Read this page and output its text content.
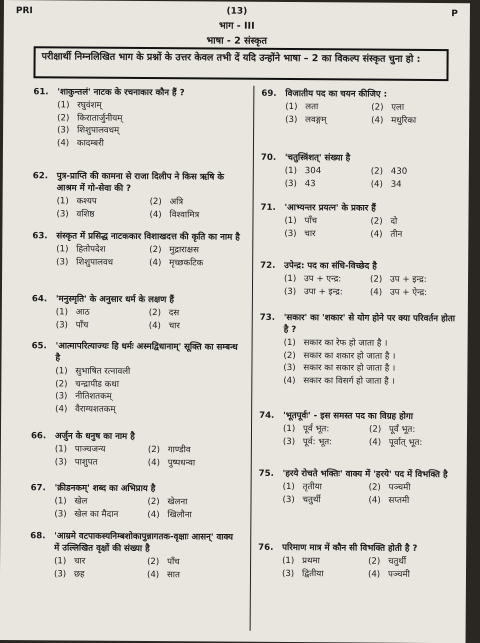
PRI	(13)	P
भाग - III
भाषा - 2 संस्कृत
परीक्षार्थी निम्नलिखित भाग के प्रश्नों के उत्तर केवल तभी दें यदि उन्होंने भाषा – 2 का विकल्प संस्कृत चुना हो :
61.	'शाकुन्तलं' नाटक के रचनाकार कौन हैं ?
(1) रघुवंशम्
(2) किरातार्जुनीयम्
(3) शिशुपालवधम्
(4) कादम्बरी
62.	पुत्र-प्राप्ति की कामना से राजा दिलीप ने किस ऋषि के आश्रम में गो-सेवा की ?
(1) कश्यप	(2) अत्रि
(3) वशिष्ठ	(4) विश्वामित्र
63.	संस्कृत में प्रसिद्ध नाटककार विशाखदत्त की कृति का नाम है
(1) हितोपदेश	(2) मुद्राराक्षस
(3) शिशुपालवध	(4) मृच्छकटिक
64.	'मनुस्मृति' के अनुसार धर्म के लक्षण हैं
(1) आठ	(2) दस
(3) पाँच	(4) चार
65.	'आत्मापरित्याज्यः हि धर्मः अस्मद्विधानाम्' सूक्ति का सम्बन्ध है
(1) सुभाषित रत्नावली
(2) चन्द्रापीड कथा
(3) नीतिशतकम्
(4) वैराग्यशतकम्
66.	अर्जुन के धनुष का नाम है
(1) पाञ्चजन्य	(2) गाण्डीव
(3) पाशुपत	(4) पुष्पधन्वा
67.	'क्रीडनकम्' शब्द का अभिप्राय है
(1) खेल	(2) खेलना
(3) खेल का मैदान	(4) खिलौना
68.	'आम्रमे वटपाकस्यनिम्बशोकापुन्नागतक-वृक्षाः आसन्' वाक्य में उल्लिखित वृक्षों की संख्या है
(1) चार	(2) पाँच
(3) छह	(4) सात
69.	विजातीय पद का चयन कीजिए :
(1) लता	(2) एला
(3) लवङ्गम्	(4) मधुरिका
70.	'चतुस्त्रिंशत्' संख्या है
(1) 304	(2) 430
(3) 43	(4) 34
71.	'आभ्यन्तर प्रयत्न' के प्रकार हैं
(1) पाँच	(2) दो
(3) चार	(4) तीन
72.	उपेन्द्र: पद का संधि-विच्छेद है
(1) उप + एन्द्र:	(2) उप + इन्द्र:
(3) उपा + इन्द्र:	(4) उप + ऐन्द्र:
73.	'सकार' का 'शकार' से योग होने पर क्या परिवर्तन होता है ?
(1) सकार का रेफ हो जाता है ।
(2) सकार का शकार हो जाता है ।
(3) सकार का सकार हो जाता है ।
(4) सकार का विसर्ग हो जाता है ।
74.	'भूतपूर्वः' - इस समस्त पद का विग्रह होगा
(1) पूर्वं भूत:	(2) पूर्वं भूत:
(3) पूर्व: भूत:	(4) पूर्वात् भूत:
75.	'हरये रोचते भक्तिः' वाक्य में 'हरये' पद में विभक्ति है
(1) तृतीया	(2) पञ्चमी
(3) चतुर्थी	(4) सप्तमी
76.	परिमाण मात्र में कौन सी विभक्ति होती है ?
(1) प्रथमा	(2) चतुर्थी
(3) द्वितीया	(4) पञ्चमी
